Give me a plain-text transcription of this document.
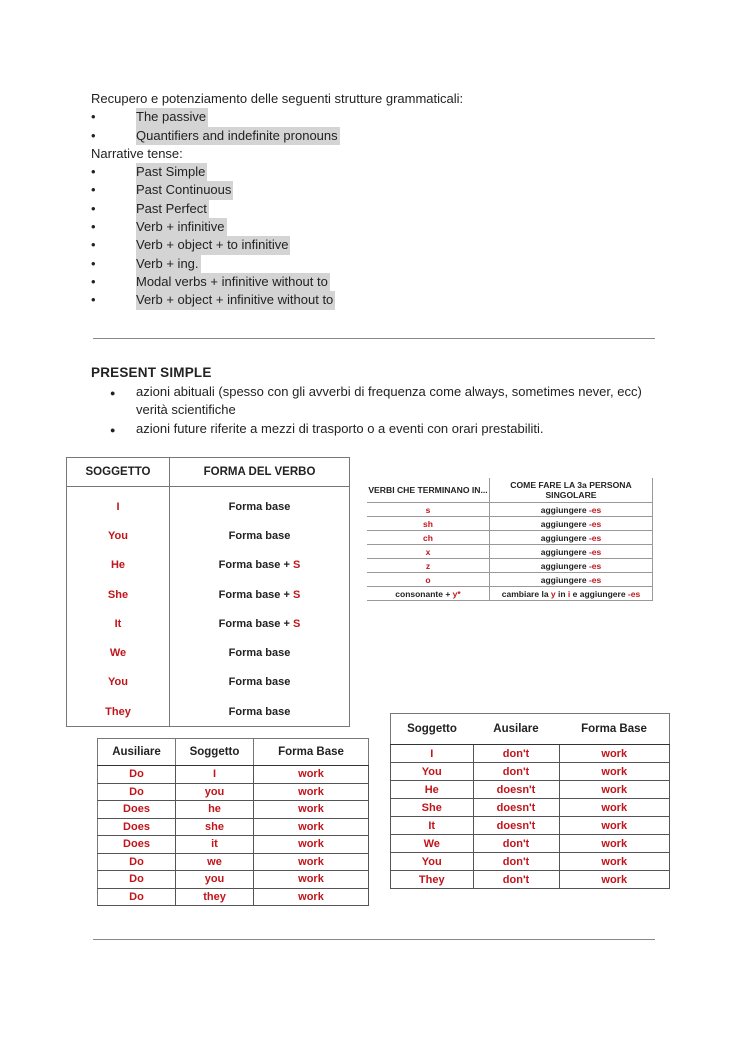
Recupero e potenziamento delle seguenti strutture grammaticali:
•	The passive
•	Quantifiers and indefinite pronouns
Narrative tense:
•	Past Simple
•	Past Continuous
•	Past Perfect
•	Verb + infinitive
•	Verb + object + to infinitive
•	Verb + ing.
•	Modal verbs + infinitive without to
•	Verb + object + infinitive without to
PRESENT SIMPLE
●	azioni abituali (spesso con gli avverbi di frequenza come always, sometimes never, ecc) verità scientifiche
●	azioni future riferite a mezzi di trasporto o a eventi con orari prestabiliti.
SOGGETTO	FORMA DEL VERBO
I	Forma base
You	Forma base
He	Forma base + S
She	Forma base + S
It	Forma base + S
We	Forma base
You	Forma base
They	Forma base
VERBI CHE TERMINANO IN...	COME FARE LA 3a PERSONA SINGOLARE
s	aggiungere -es
sh	aggiungere -es
ch	aggiungere -es
x	aggiungere -es
z	aggiungere -es
o	aggiungere -es
consonante + y*	cambiare la y in i e aggiungere -es
Soggetto	Ausilare	Forma Base
I	don't	work
You	don't	work
He	doesn't	work
She	doesn't	work
It	doesn't	work
We	don't	work
You	don't	work
They	don't	work
Ausiliare	Soggetto	Forma Base
Do	I	work
Do	you	work
Does	he	work
Does	she	work
Does	it	work
Do	we	work
Do	you	work
Do	they	work
